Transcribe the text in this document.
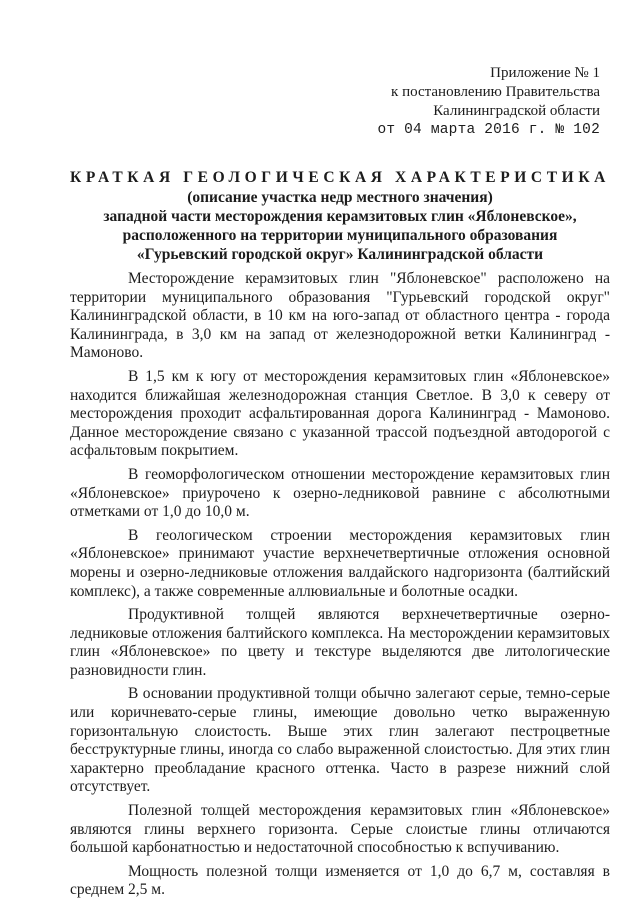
Приложение № 1
к постановлению Правительства
Калининградской области
от 04 марта 2016 г. № 102
КРАТКАЯ ГЕОЛОГИЧЕСКАЯ ХАРАКТЕРИСТИКА
(описание участка недр местного значения)
западной части месторождения керамзитовых глин «Яблоневское»,
расположенного на территории муниципального образования
«Гурьевский городской округ» Калининградской области

Месторождение керамзитовых глин "Яблоневское" расположено на территории муниципального образования "Гурьевский городской округ" Калининградской области, в 10 км на юго-запад от областного центра - города Калининграда, в 3,0 км на запад от железнодорожной ветки Калининград - Мамоново.

В 1,5 км к югу от месторождения керамзитовых глин «Яблоневское» находится ближайшая железнодорожная станция Светлое. В 3,0 к северу от месторождения проходит асфальтированная дорога Калининград - Мамоново. Данное месторождение связано с указанной трассой подъездной автодорогой с асфальтовым покрытием.

В геоморфологическом отношении месторождение керамзитовых глин «Яблоневское» приурочено к озерно-ледниковой равнине с абсолютными отметками от 1,0 до 10,0 м.

В геологическом строении месторождения керамзитовых глин «Яблоневское» принимают участие верхнечетвертичные отложения основной морены и озерно-ледниковые отложения валдайского надгоризонта (балтийский комплекс), а также современные аллювиальные и болотные осадки.

Продуктивной толщей являются верхнечетвертичные озерно-ледниковые отложения балтийского комплекса. На месторождении керамзитовых глин «Яблоневское» по цвету и текстуре выделяются две литологические разновидности глин.

В основании продуктивной толщи обычно залегают серые, темно-серые или коричневато-серые глины, имеющие довольно четко выраженную горизонтальную слоистость. Выше этих глин залегают пестроцветные бесструктурные глины, иногда со слабо выраженной слоистостью. Для этих глин характерно преобладание красного оттенка. Часто в разрезе нижний слой отсутствует.

Полезной толщей месторождения керамзитовых глин «Яблоневское» являются глины верхнего горизонта. Серые слоистые глины отличаются большой карбонатностью и недостаточной способностью к вспучиванию.

Мощность полезной толщи изменяется от 1,0 до 6,7 м, составляя в среднем 2,5 м.
